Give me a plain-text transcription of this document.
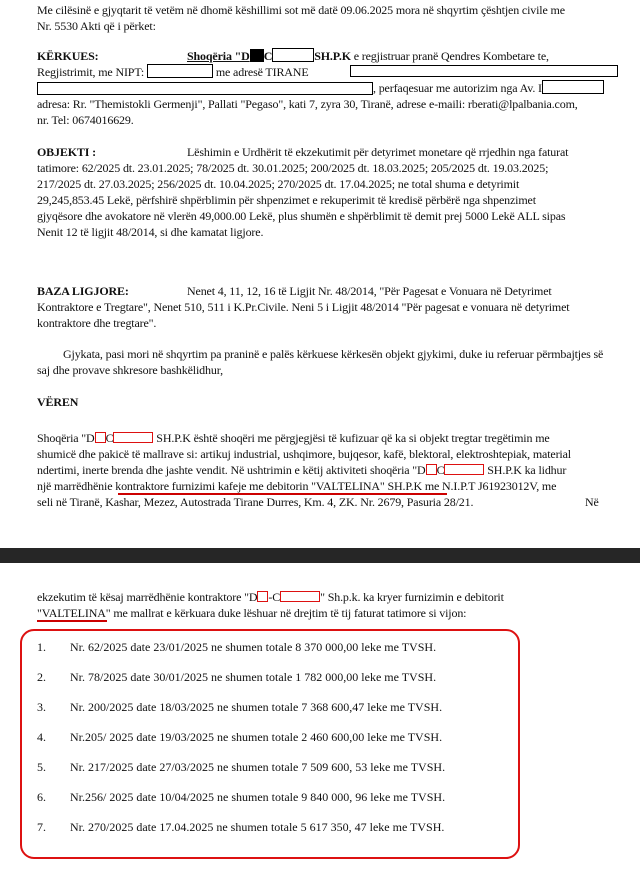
Me cilësinë e gjyqtarit të vetëm në dhomë këshillimi sot më datë 09.06.2025 mora në shqyrtim çështjen civile me
Nr. 5530 Akti që i përket:
KËRKUES:	Shoqëria "D C	SH.P.K e regjistruar pranë Qendres Kombetare te,
Regjistrimit, me NIPT:	me adresë TIRANE
, perfaqesuar me autorizim nga Av. I
adresa: Rr. "Themistokli Germenji", Pallati "Pegaso", kati 7, zyra 30, Tiranë, adrese e-maili: rberati@lpalbania.com,
nr. Tel: 0674016629.
OBJEKTI :	Lëshimin e Urdhërit të ekzekutimit për detyrimet monetare që rrjedhin nga faturat
tatimore: 62/2025 dt. 23.01.2025; 78/2025 dt. 30.01.2025; 200/2025 dt. 18.03.2025; 205/2025 dt. 19.03.2025;
217/2025 dt. 27.03.2025; 256/2025 dt. 10.04.2025; 270/2025 dt. 17.04.2025; ne total shuma e detyrimit
29,245,853.45 Lekë, përfshirë shpërblimin për shpenzimet e rekuperimit të kredisë përbërë nga shpenzimet
gjyqësore dhe avokatore në vlerën 49,000.00 Lekë, plus shumën e shpërblimit të demit prej 5000 Lekë ALL sipas
Nenit 12 të ligjit 48/2014, si dhe kamatat ligjore.
BAZA LIGJORE:	Nenet 4, 11, 12, 16 të Ligjit Nr. 48/2014, "Për Pagesat e Vonuara në Detyrimet
Kontraktore e Tregtare", Nenet 510, 511 i K.Pr.Civile. Neni 5 i Ligjit 48/2014 "Për pagesat e vonuara në detyrimet
kontraktore dhe tregtare".
Gjykata, pasi mori në shqyrtim pa praninë e palës kërkuese kërkesën objekt gjykimi, duke iu referuar përmbajtjes së
saj dhe provave shkresore bashkëlidhur,
VËREN
Shoqëria "D C	SH.P.K është shoqëri me përgjegjësi të kufizuar që ka si objekt tregtar tregëtimin me
shumicë dhe pakicë të mallrave si: artikuj industrial, ushqimore, bujqesor, kafë, blektoral, elektroshtepiak, material
ndertimi, inerte brenda dhe jashte vendit. Në ushtrimin e këtij aktiviteti shoqëria "D C	SH.P.K ka lidhur
një marrëdhënie kontraktore furnizimi kafeje me debitorin "VALTELINA" SH.P.K me N.I.P.T J61923012V, me
seli në Tiranë, Kashar, Mezez, Autostrada Tirane Durres, Km. 4, ZK. Nr. 2679, Pasuria 28/21.	Në
ekzekutim të kësaj marrëdhënie kontraktore "D -C	" Sh.p.k. ka kryer furnizimin e debitorit
"VALTELINA" me mallrat e kërkuara duke lëshuar në drejtim të tij faturat tatimore si vijon:
1. Nr. 62/2025 date 23/01/2025 ne shumen totale 8 370 000,00 leke me TVSH.
2. Nr. 78/2025 date 30/01/2025 ne shumen totale 1 782 000,00 leke me TVSH.
3. Nr. 200/2025 date 18/03/2025 ne shumen totale 7 368 600,47 leke me TVSH.
4. Nr.205/ 2025 date 19/03/2025 ne shumen totale 2 460 600,00 leke me TVSH.
5. Nr. 217/2025 date 27/03/2025 ne shumen totale 7 509 600, 53 leke me TVSH.
6. Nr.256/ 2025 date 10/04/2025 ne shumen totale 9 840 000, 96 leke me TVSH.
7. Nr. 270/2025 date 17.04.2025 ne shumen totale 5 617 350, 47 leke me TVSH.
